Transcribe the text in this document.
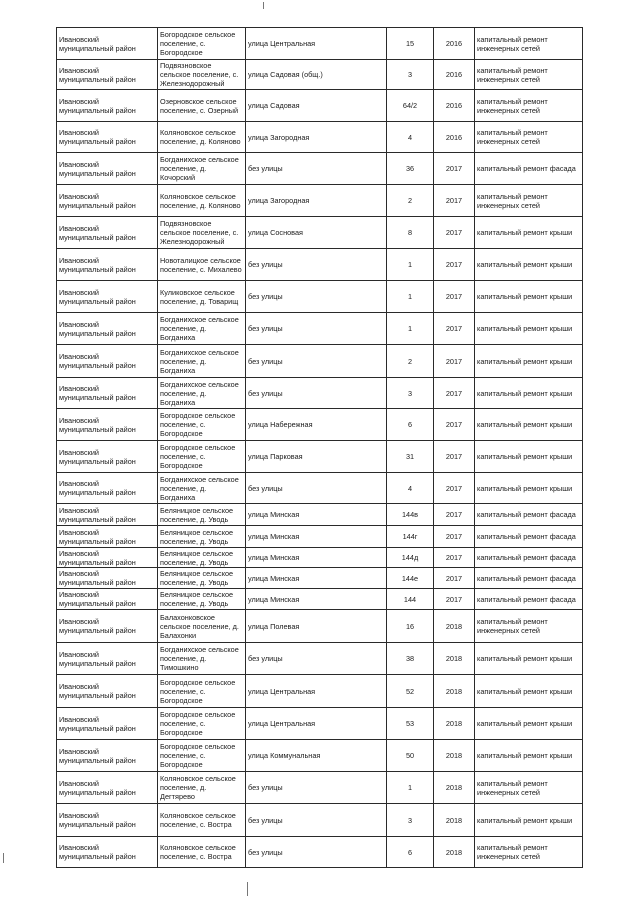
Ивановский муниципальный район	Богородское сельское поселение, с. Богородское	улица Центральная	15	2016	капитальный ремонт инженерных сетей
Ивановский муниципальный район	Подвязновское сельское поселение, с. Железнодорожный	улица Садовая (общ.)	3	2016	капитальный ремонт инженерных сетей
Ивановский муниципальный район	Озерновское сельское поселение, с. Озерный	улица Садовая	64/2	2016	капитальный ремонт инженерных сетей
Ивановский муниципальный район	Коляновское сельское поселение, д. Колянов​о	улица Загородная	4	2016	капитальный ремонт инженерных сетей
Ивановский муниципальный район	Богданихское сельское поселение, д. Кочорский	без улицы	36	2017	капитальный ремонт фасада
Ивановский муниципальный район	Коляновское сельское поселение, д. Колянов​о	улица Загородная	2	2017	капитальный ремонт инженерных сетей
Ивановский муниципальный район	Подвязновское сельское поселение, с. Железнодорожный	улица Сосновая	8	2017	капитальный ремонт крыши
Ивановский муниципальный район	Новоталицкое сельское поселение, с. Михалево	без улицы	1	2017	капитальный ремонт крыши
Ивановский муниципальный район	Куликовское сельское поселение, д. Товарищ	без улицы	1	2017	капитальный ремонт крыши
Ивановский муниципальный район	Богданихское сельское поселение, д. Богданиха	без улицы	1	2017	капитальный ремонт крыши
Ивановский муниципальный район	Богданихское сельское поселение, д. Богданиха	без улицы	2	2017	капитальный ремонт крыши
Ивановский муниципальный район	Богданихское сельское поселение, д. Богданиха	без улицы	3	2017	капитальный ремонт крыши
Ивановский муниципальный район	Богородское сельское поселение, с. Богородское	улица Набережная	6	2017	капитальный ремонт крыши
Ивановский муниципальный район	Богородское сельское поселение, с. Богородское	улица Парковая	31	2017	капитальный ремонт крыши
Ивановский муниципальный район	Богданихское сельское поселение, д. Богданиха	без улицы	4	2017	капитальный ремонт крыши
Ивановский муниципальный район	Беляницкое сельское поселение, д. Уводь	улица Минская	144в	2017	капитальный ремонт фасада
Ивановский муниципальный район	Беляницкое сельское поселение, д. Уводь	улица Минская	144г	2017	капитальный ремонт фасада
Ивановский муниципальный район	Беляницкое сельское поселение, д. Уводь	улица Минская	144д	2017	капитальный ремонт фасада
Ивановский муниципальный район	Беляницкое сельское поселение, д. Уводь	улица Минская	144е	2017	капитальный ремонт фасада
Ивановский муниципальный район	Беляницкое сельское поселение, д. Уводь	улица Минская	144	2017	капитальный ремонт фасада
Ивановский муниципальный район	Балахонковское сельское поселение, д. Балахонки	улица Полевая	16	2018	капитальный ремонт инженерных сетей
Ивановский муниципальный район	Богданихское сельское поселение, д. Тимошкино	без улицы	38	2018	капитальный ремонт крыши
Ивановский муниципальный район	Богородское сельское поселение, с. Богородское	улица Центральная	52	2018	капитальный ремонт крыши
Ивановский муниципальный район	Богородское сельское поселение, с. Богородское	улица Центральная	53	2018	капитальный ремонт крыши
Ивановский муниципальный район	Богородское сельское поселение, с. Богородское	улица Коммунальная	50	2018	капитальный ремонт крыши
Ивановский муниципальный район	Коляновское сельское поселение, д. Дегтярево	без улицы	1	2018	капитальный ремонт инженерных сетей
Ивановский муниципальный район	Коляновское сельское поселение, с. Востра	без улицы	3	2018	капитальный ремонт крыши
Ивановский муниципальный район	Коляновское сельское поселение, с. Востра	без улицы	6	2018	капитальный ремонт инженерных сетей
